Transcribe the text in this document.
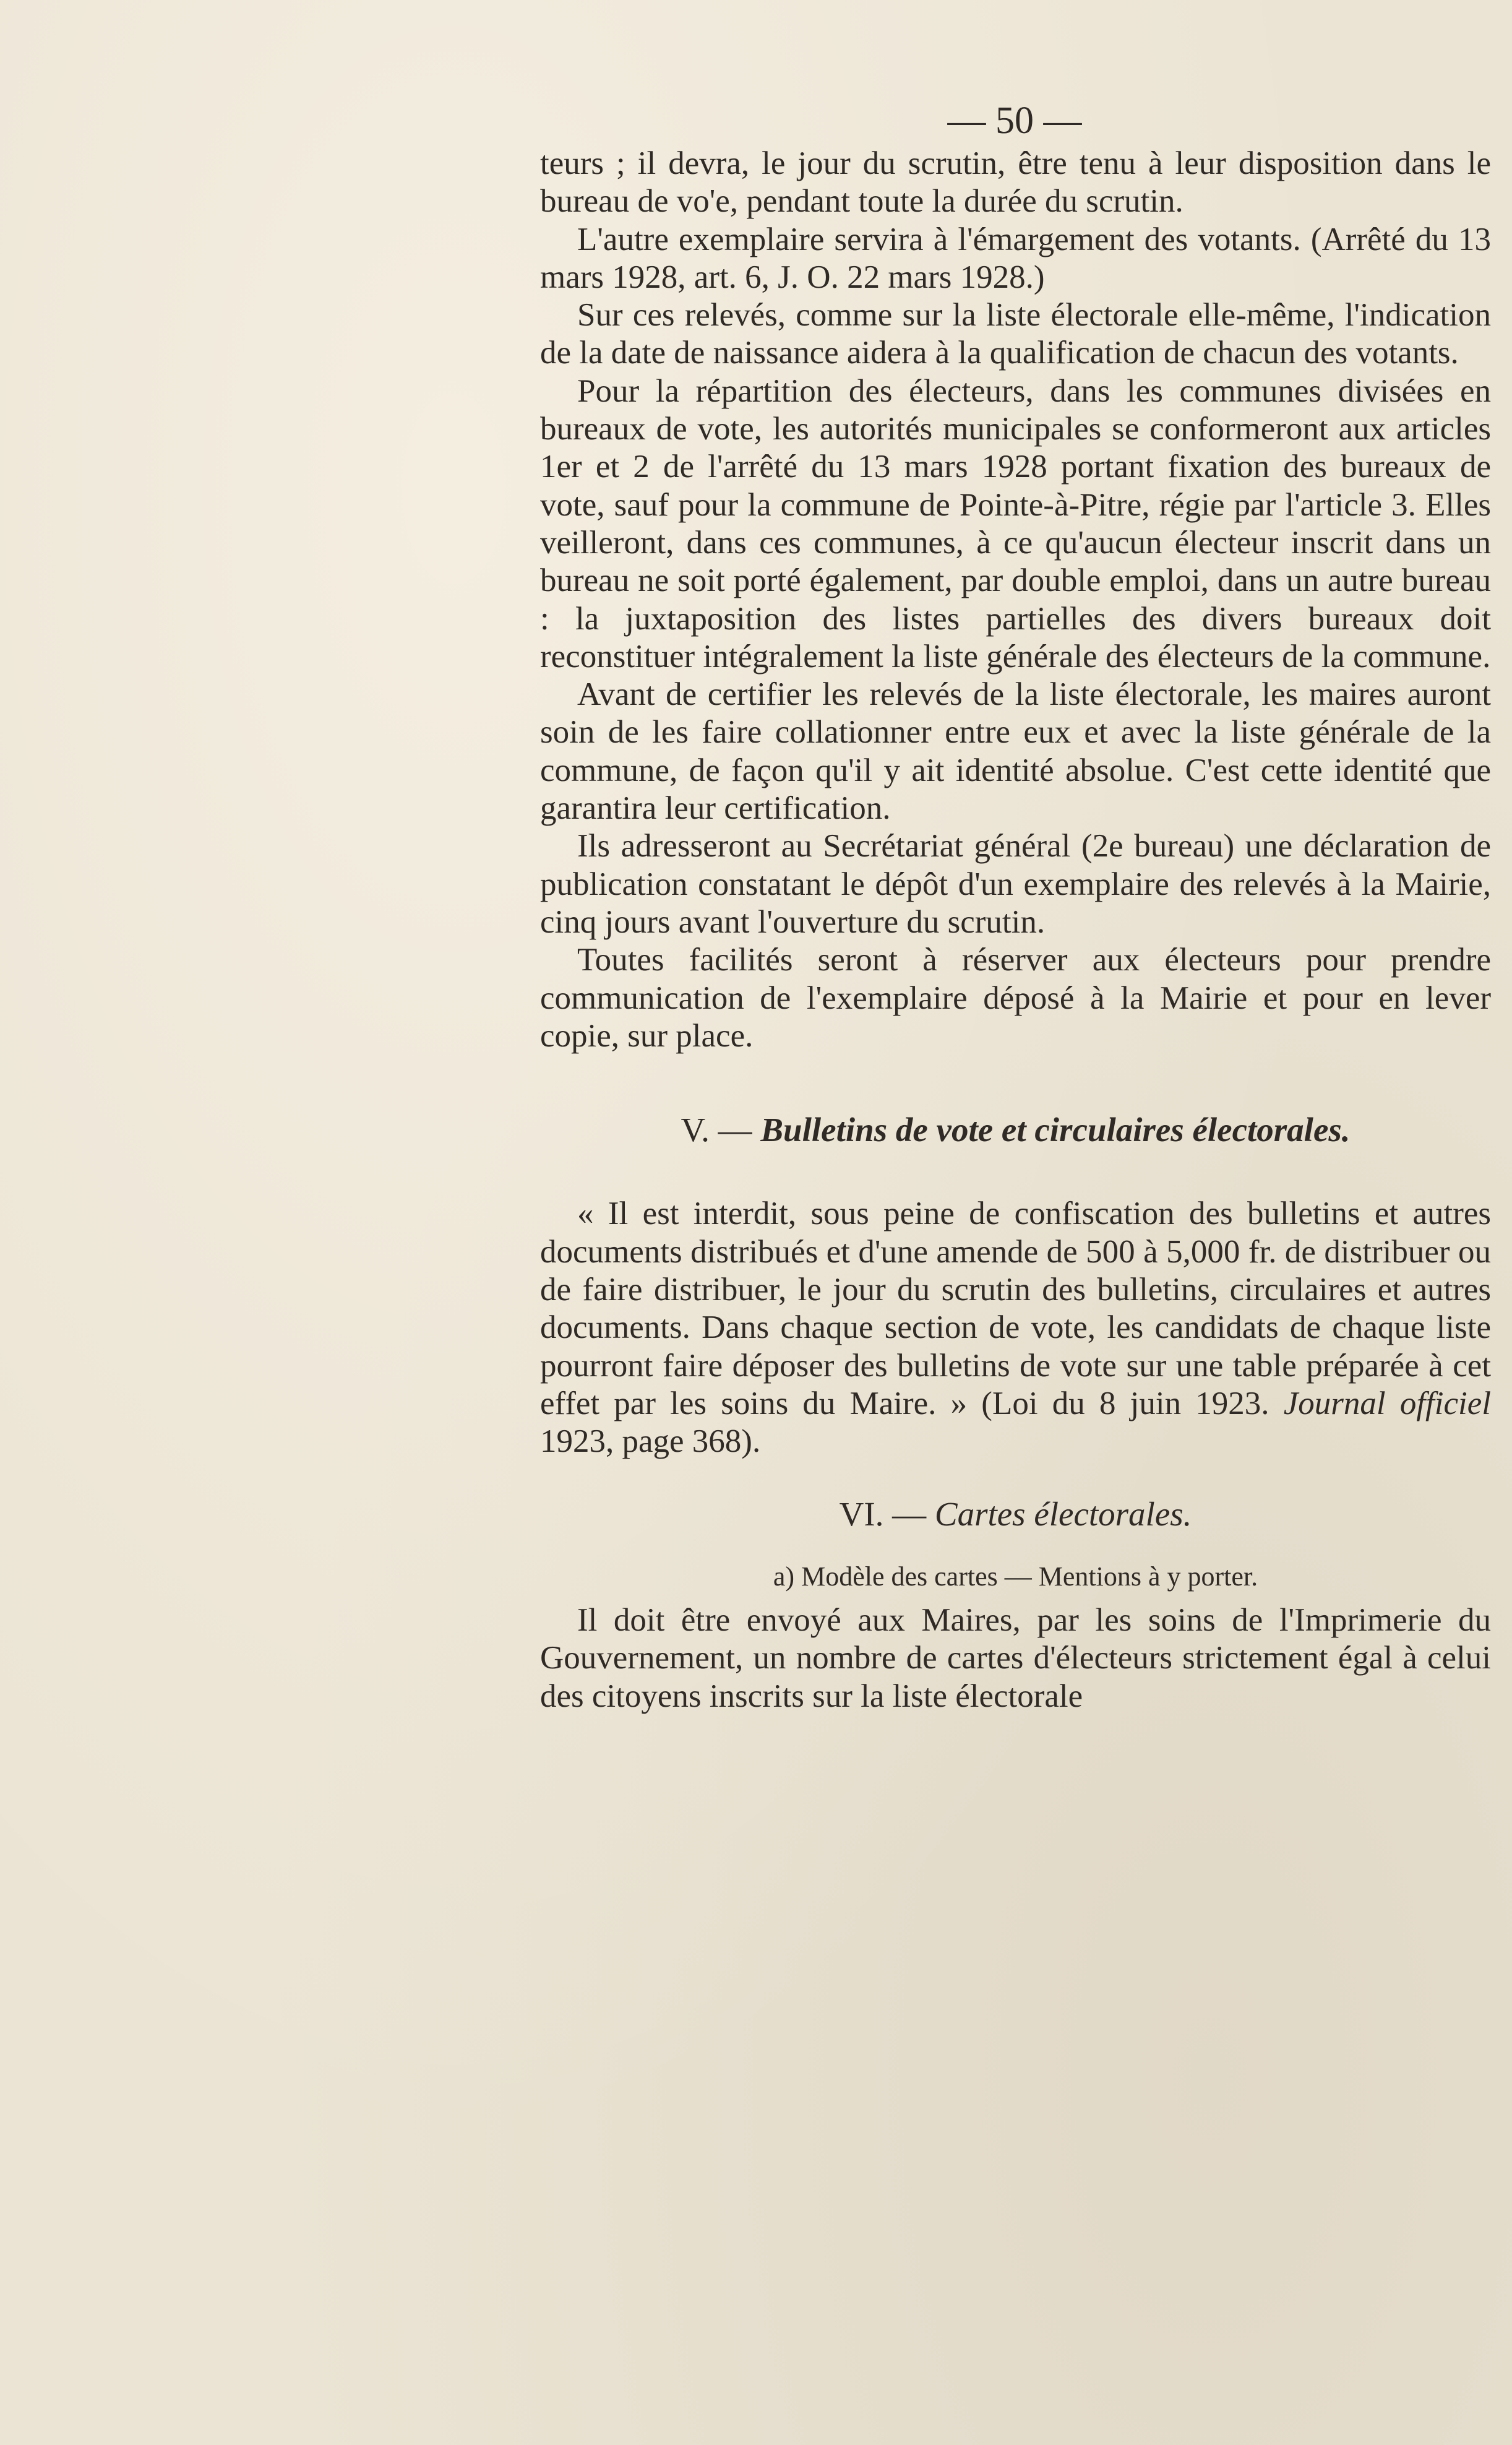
— 50 —

teurs ; il devra, le jour du scrutin, être tenu à leur disposition dans le bureau de vo'e, pendant toute la durée du scrutin.

L'autre exemplaire servira à l'émargement des votants. (Arrêté du 13 mars 1928, art. 6, J. O. 22 mars 1928.)

Sur ces relevés, comme sur la liste électorale elle-même, l'indication de la date de naissance aidera à la qualification de chacun des votants.

Pour la répartition des électeurs, dans les communes divisées en bureaux de vote, les autorités municipales se conformeront aux articles 1er et 2 de l'arrêté du 13 mars 1928 portant fixation des bureaux de vote, sauf pour la commune de Pointe-à-Pitre, régie par l'article 3. Elles veilleront, dans ces communes, à ce qu'aucun électeur inscrit dans un bureau ne soit porté également, par double emploi, dans un autre bureau : la juxtaposition des listes partielles des divers bureaux doit reconstituer intégralement la liste générale des électeurs de la commune.

Avant de certifier les relevés de la liste électorale, les maires auront soin de les faire collationner entre eux et avec la liste générale de la commune, de façon qu'il y ait identité absolue. C'est cette identité que garantira leur certification.

Ils adresseront au Secrétariat général (2e bureau) une déclaration de publication constatant le dépôt d'un exemplaire des relevés à la Mairie, cinq jours avant l'ouverture du scrutin.

Toutes facilités seront à réserver aux électeurs pour prendre communication de l'exemplaire déposé à la Mairie et pour en lever copie, sur place.

V. — Bulletins de vote et circulaires électorales.

« Il est interdit, sous peine de confiscation des bulletins et autres documents distribués et d'une amende de 500 à 5,000 fr. de distribuer ou de faire distribuer, le jour du scrutin des bulletins, circulaires et autres documents. Dans chaque section de vote, les candidats de chaque liste pourront faire déposer des bulletins de vote sur une table préparée à cet effet par les soins du Maire. » (Loi du 8 juin 1923. Journal officiel 1923, page 368).

VI. — Cartes électorales.

a) Modèle des cartes — Mentions à y porter.

Il doit être envoyé aux Maires, par les soins de l'Imprimerie du Gouvernement, un nombre de cartes d'électeurs strictement égal à celui des citoyens inscrits sur la liste électorale
